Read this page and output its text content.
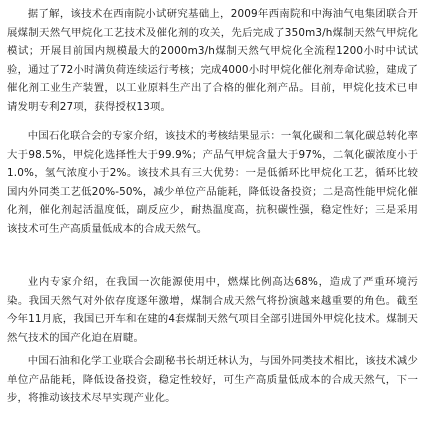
据了解，该技术在西南院小试研究基础上，2009年西南院和中海油气电集团联合开展煤制天然气甲烷化工艺技术及催化剂的攻关，先后完成了350m3/h煤制天然气甲烷化模试；开展目前国内规模最大的2000m3/h煤制天然气甲烷化全流程1200小时中试试验，通过了72小时满负荷连续运行考核；完成4000小时甲烷化催化剂寿命试验，建成了催化剂工业生产装置，以工业原料生产出了合格的催化剂产品。目前，甲烷化技术已申请发明专利27项，获得授权13项。

中国石化联合会的专家介绍，该技术的考核结果显示：一氧化碳和二氧化碳总转化率大于98.5%，甲烷化选择性大于99.9%；产品气甲烷含量大于97%，二氧化碳浓度小于1.0%，氢气浓度小于2%。该技术具有三大优势：一是低循环比甲烷化工艺，循环比较国内外同类工艺低20%-50%，减少单位产品能耗，降低设备投资；二是高性能甲烷化催化剂，催化剂起活温度低，副反应少，耐热温度高，抗积碳性强，稳定性好；三是采用该技术可生产高质量低成本的合成天然气。

业内专家介绍，在我国一次能源使用中，燃煤比例高达68%，造成了严重环境污染。我国天然气对外依存度逐年激增，煤制合成天然气将扮演越来越重要的角色。截至今年11月底，我国已开车和在建的4套煤制天然气项目全部引进国外甲烷化技术。煤制天然气技术的国产化迫在眉睫。

中国石油和化学工业联合会副秘书长胡迁林认为，与国外同类技术相比，该技术减少单位产品能耗，降低设备投资，稳定性较好，可生产高质量低成本的合成天然气，下一步，将推动该技术尽早实现产业化。
